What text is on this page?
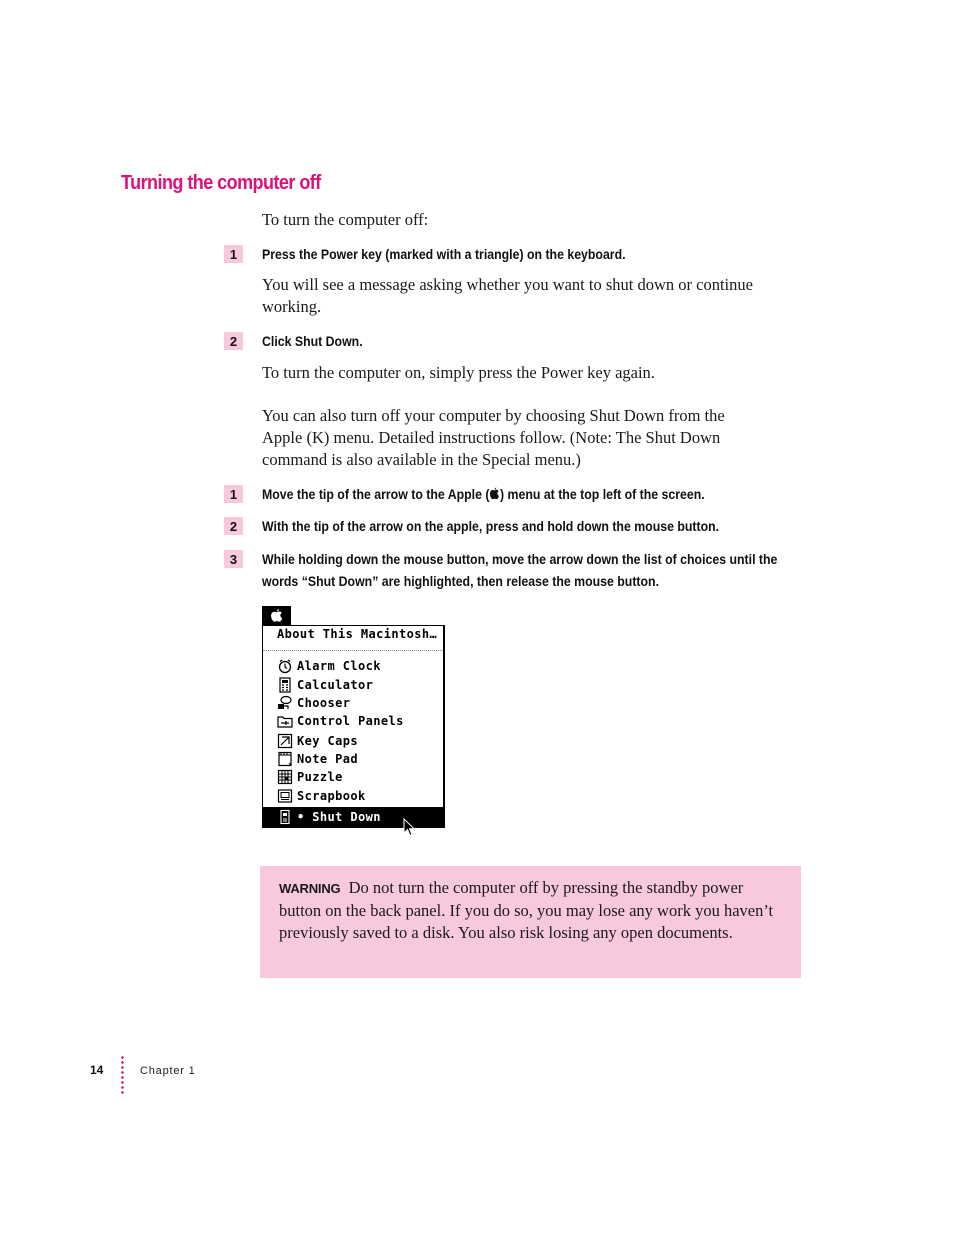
Turning the computer off
To turn the computer off:
1	Press the Power key (marked with a triangle) on the keyboard.
You will see a message asking whether you want to shut down or continue working.
2	Click Shut Down.
To turn the computer on, simply press the Power key again.
You can also turn off your computer by choosing Shut Down from the Apple (K) menu. Detailed instructions follow. (Note: The Shut Down command is also available in the Special menu.)
1	Move the tip of the arrow to the Apple ( ) menu at the top left of the screen.
2	With the tip of the arrow on the apple, press and hold down the mouse button.
3	While holding down the mouse button, move the arrow down the list of choices until the words “Shut Down” are highlighted, then release the mouse button.
About This Macintosh…
Alarm Clock
Calculator
Chooser
Control Panels
Key Caps
Note Pad
Puzzle
Scrapbook
• Shut Down
WARNING Do not turn the computer off by pressing the standby power button on the back panel. If you do so, you may lose any work you haven’t previously saved to a disk. You also risk losing any open documents.
14	Chapter 1
